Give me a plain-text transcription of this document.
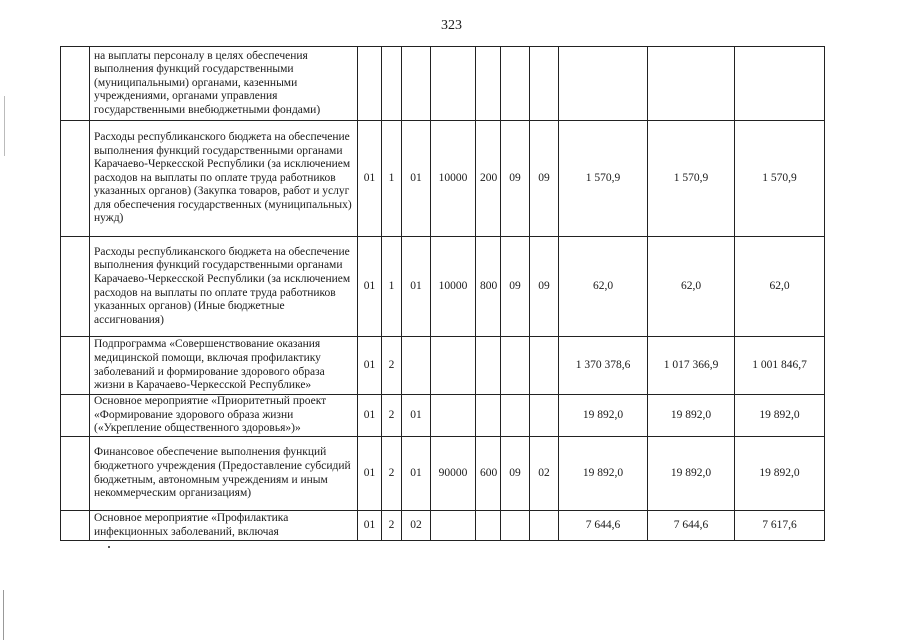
323
	на выплаты персоналу в целях обеспечения выполнения функций государственными (муниципальными) органами, казенными учреждениями, органами управления государственными внебюджетными фондами)										
	Расходы республиканского бюджета на обеспечение выполнения функций государственными органами Карачаево-Черкесской Республики (за исключением расходов на выплаты по оплате труда работников указанных органов) (Закупка товаров, работ и услуг для обеспечения государственных (муниципальных) нужд)	01	1	01	10000	200	09	09	1 570,9	1 570,9	1 570,9
	Расходы республиканского бюджета на обеспечение выполнения функций государственными органами Карачаево-Черкесской Республики (за исключением расходов на выплаты по оплате труда работников указанных органов) (Иные бюджетные ассигнования)	01	1	01	10000	800	09	09	62,0	62,0	62,0
	Подпрограмма «Совершенствование оказания медицинской помощи, включая профилактику заболеваний и формирование здорового образа жизни в Карачаево-Черкесской Республике»	01	2						1 370 378,6	1 017 366,9	1 001 846,7
	Основное мероприятие «Приоритетный проект «Формирование здорового образа жизни («Укрепление общественного здоровья»)»	01	2	01					19 892,0	19 892,0	19 892,0
	Финансовое обеспечение выполнения функций бюджетного учреждения (Предоставление субсидий бюджетным, автономным учреждениям и иным некоммерческим организациям)	01	2	01	90000	600	09	02	19 892,0	19 892,0	19 892,0
	Основное мероприятие «Профилактика инфекционных заболеваний, включая	01	2	02					7 644,6	7 644,6	7 617,6
